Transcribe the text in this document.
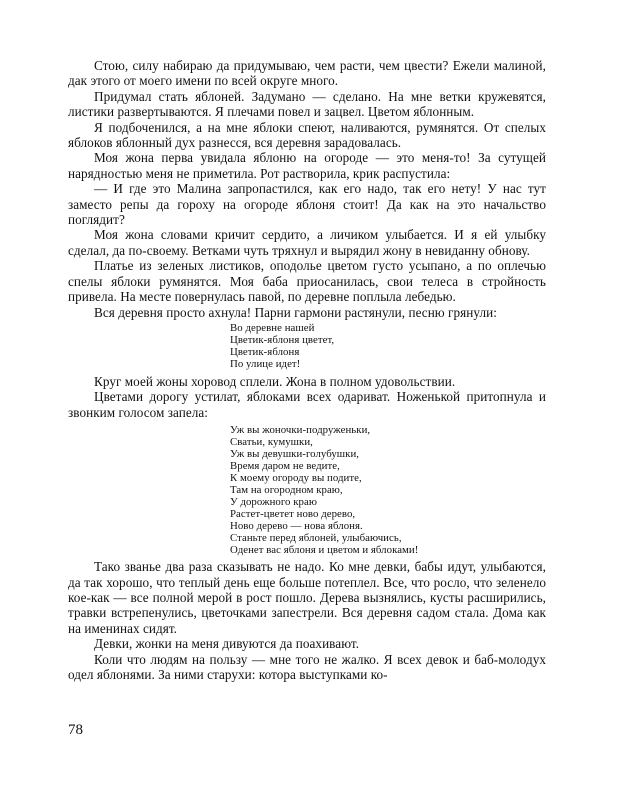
Стою, силу набираю да придумываю, чем расти, чем цвести? Ежели малиной, дак этого от моего имени по всей округе много.

Придумал стать яблоней. Задумано — сделано. На мне ветки кружевятся, листики развертываются. Я плечами повел и зацвел. Цветом яблонным.

Я подбоченился, а на мне яблоки спеют, наливаются, румянятся. От спелых яблоков яблонный дух разнесся, вся деревня зарадовалась.

Моя жона перва увидала яблоню на огороде — это меня-то! За сутущей нарядностью меня не приметила. Рот растворила, крик распустила:

— И где это Малина запропастился, как его надо, так его нету! У нас тут заместо репы да гороху на огороде яблоня стоит! Да как на это начальство поглядит?

Моя жона словами кричит сердито, а личиком улыбается. И я ей улыбку сделал, да по-своему. Ветками чуть тряхнул и вырядил жону в невиданну обнову.

Платье из зеленых листиков, оподолье цветом густо усыпано, а по оплечью спелы яблоки румянятся. Моя баба приосанилась, свои телеса в стройность привела. На месте повернулась павой, по деревне поплыла лебедью.

Вся деревня просто ахнула! Парни гармони растянули, песню грянули:

Во деревне нашей
Цветик-яблоня цветет,
Цветик-яблоня
По улице идет!

Круг моей жоны хоровод сплели. Жона в полном удовольствии.

Цветами дорогу устилат, яблоками всех одариват. Ноженькой притопнула и звонким голосом запела:

Уж вы жоночки-подруженьки,
Сватьи, кумушки,
Уж вы девушки-голубушки,
Время даром не ведите,
К моему огороду вы подите,
Там на огородном краю,
У дорожного краю
Растет-цветет ново дерево,
Ново дерево — нова яблоня.
Станьте перед яблоней, улыбаючись,
Оденет вас яблоня и цветом и яблоками!

Тако званье два раза сказывать не надо. Ко мне девки, бабы идут, улыбаются, да так хорошо, что теплый день еще больше потеплел. Все, что росло, что зеленело кое-как — все полной мерой в рост пошло. Дерева вызнялись, кусты расширились, травки встрепенулись, цветочками запестрели. Вся деревня садом стала. Дома как на именинах сидят.

Девки, жонки на меня дивуются да поахивают.

Коли что людям на пользу — мне того не жалко. Я всех девок и баб-молодух одел яблонями. За ними старухи: котора выступками ко-

78
